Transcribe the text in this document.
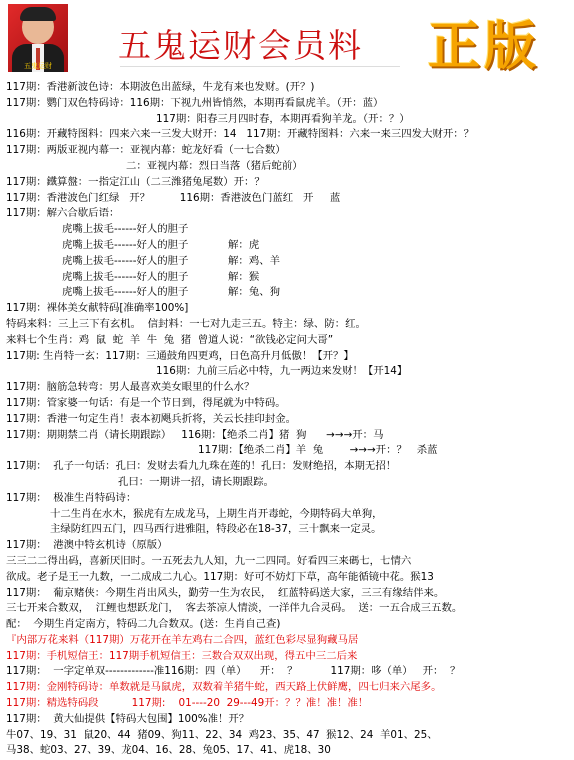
五鬼运财
五鬼运财会员料 正版
117期：香港新波色诗：本期波色出蓝绿，牛龙有来也发财。(开？)
117期：鹦门双色特码诗：116期：下视九州皆悄然，本期再看鼠虎羊。（开：蓝）
117期：阳春三月四时春，本期再看狗羊龙。（开：？）
116期：开藏特图料：四来六来一三发大财开：14   117期：开藏特图料：六来一来三四发大财开：？
117期：两版亚视内幕一：亚视内幕：蛇龙好看（一七合数）
二：亚视内幕：烈日当落（猪后蛇前）
117期：鐵算盤：一指定江山（二三潍猪兔尾数）开：？
117期：香港波色门红绿   开？         116期：香港波色门蓝红   开     蓝
117期：解六合歇后语：
虎嘴上拔毛------好人的胆子
虎嘴上拔毛------好人的胆子            解：虎
虎嘴上拔毛------好人的胆子            解：鸡、羊
虎嘴上拔毛------好人的胆子            解：猴
虎嘴上拔毛------好人的胆子            解：兔、狗
117期：裸体美女献特码[准确率100%]
特码来料：三上三下有玄机。  信封料：一七对九走三五。特主：绿、防：红。
来料七个生肖：鸡  鼠  蛇  羊  牛  兔  猪  曾道人说：“欲钱必定问大哥”
117期: 生肖特一玄：117期：三通鼓角四更鸡，日色高升月低傲！【开？】
116期：九前三后必中特，九一两边来发财！【开14】
117期：脑筋急转弯：男人最喜欢美女眼里的什么水？
117期：管家婆一句话：有是一个节日到，得尾就为中特码。
117期：香港一句定生肖！表本初飓兵折将，关云长挂印封金。
117期：期期禁二肖（请长期跟踪）   116期：【绝杀二肖】猪  狗      →→→开：马
117期：【绝杀二肖】羊  兔        →→→开：？   杀蓝
117期：  孔子一句话：孔曰：发财去看九九珠在莲的！孔曰：发财绝招，本期无招！
孔曰：一期讲一招，请长期跟踪。
117期：  极准生肖特码诗：
十二生肖在水木，猴虎有左成龙马，上期生肖开毒蛇，今期特码大单狗，
主绿防红四五门，四马西行进雅阻，特段必在18-37，三十飘来一定灵。
117期：  港澳中特玄机诗（原版）
三三二二得出码，喜新厌旧时。一五死去九人知，九一二四同。好看四三来碼七，七情六
欲成。老子是王一九数，一二成成二九心。117期：好可不妨灯下草，高年能循镜中花。猴13
117期：  葡京赌侠：今期生肖出风头，勤劳一生为农民，  红蓝特码送大家，三三有缘结伴来。
三七开来合数双，  江鲤也想跃龙门，  客去茶凉人情淡，一洋伴九合灵码。  送：一五合成三五数。
配：  今期生肖定南方，特码二九合数双。(送：生肖自己查)
『内部万花来料（117期）万花开在羊左鸡右二合四，蓝红色彩尽显狗藏马居
117期：手机短信王：117期手机短信王：三数合双双出现，得五中三二后来
117期：  一字定单双-------------准116期：四（单）    开：  ？          117期：哆（单）   开：  ？
117期：金刚特码诗：单数就是马鼠虎，双数着羊猪牛蛇，西天路上伏鲜鹰，四七归来六尾多。
117期：精选特码段          117期:    01----20  29---49开：？？准！准！准！
117期：  黄大仙提供【特码大包围】100%准！开？
牛07、19、31  鼠20、44  猪09、狗11、22、34  鸡23、35、47  猴12、24  羊01、25、
马38、蛇03、27、39、龙04、16、28、兔05、17、41、虎18、30
